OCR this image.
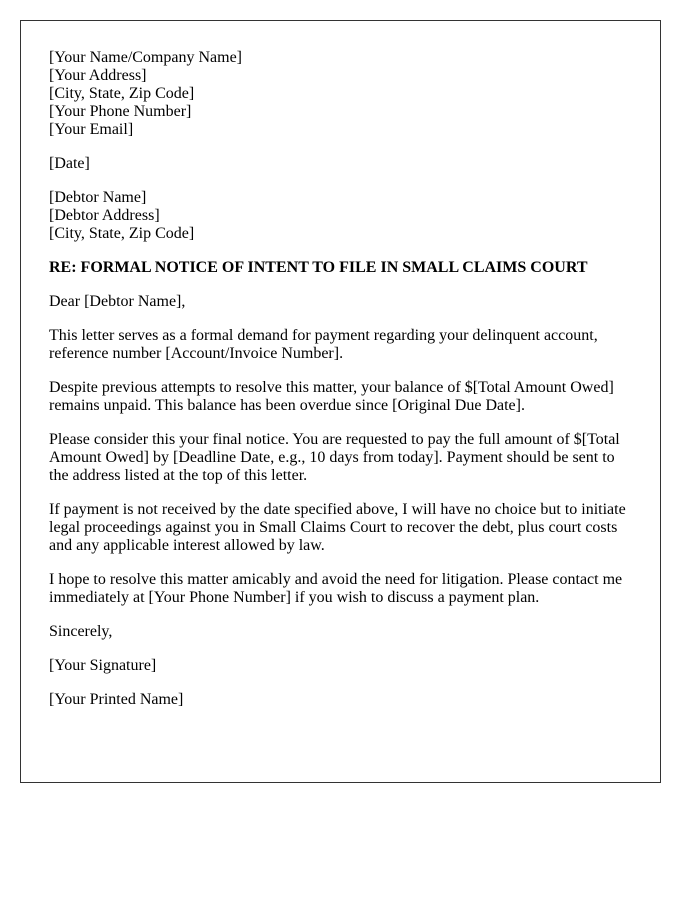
[Your Name/Company Name]
[Your Address]
[City, State, Zip Code]
[Your Phone Number]
[Your Email]

[Date]

[Debtor Name]
[Debtor Address]
[City, State, Zip Code]

RE: FORMAL NOTICE OF INTENT TO FILE IN SMALL CLAIMS COURT

Dear [Debtor Name],

This letter serves as a formal demand for payment regarding your delinquent account, reference number [Account/Invoice Number].

Despite previous attempts to resolve this matter, your balance of $[Total Amount Owed] remains unpaid. This balance has been overdue since [Original Due Date].

Please consider this your final notice. You are requested to pay the full amount of $[Total Amount Owed] by [Deadline Date, e.g., 10 days from today]. Payment should be sent to the address listed at the top of this letter.

If payment is not received by the date specified above, I will have no choice but to initiate legal proceedings against you in Small Claims Court to recover the debt, plus court costs and any applicable interest allowed by law.

I hope to resolve this matter amicably and avoid the need for litigation. Please contact me immediately at [Your Phone Number] if you wish to discuss a payment plan.

Sincerely,

[Your Signature]

[Your Printed Name]
